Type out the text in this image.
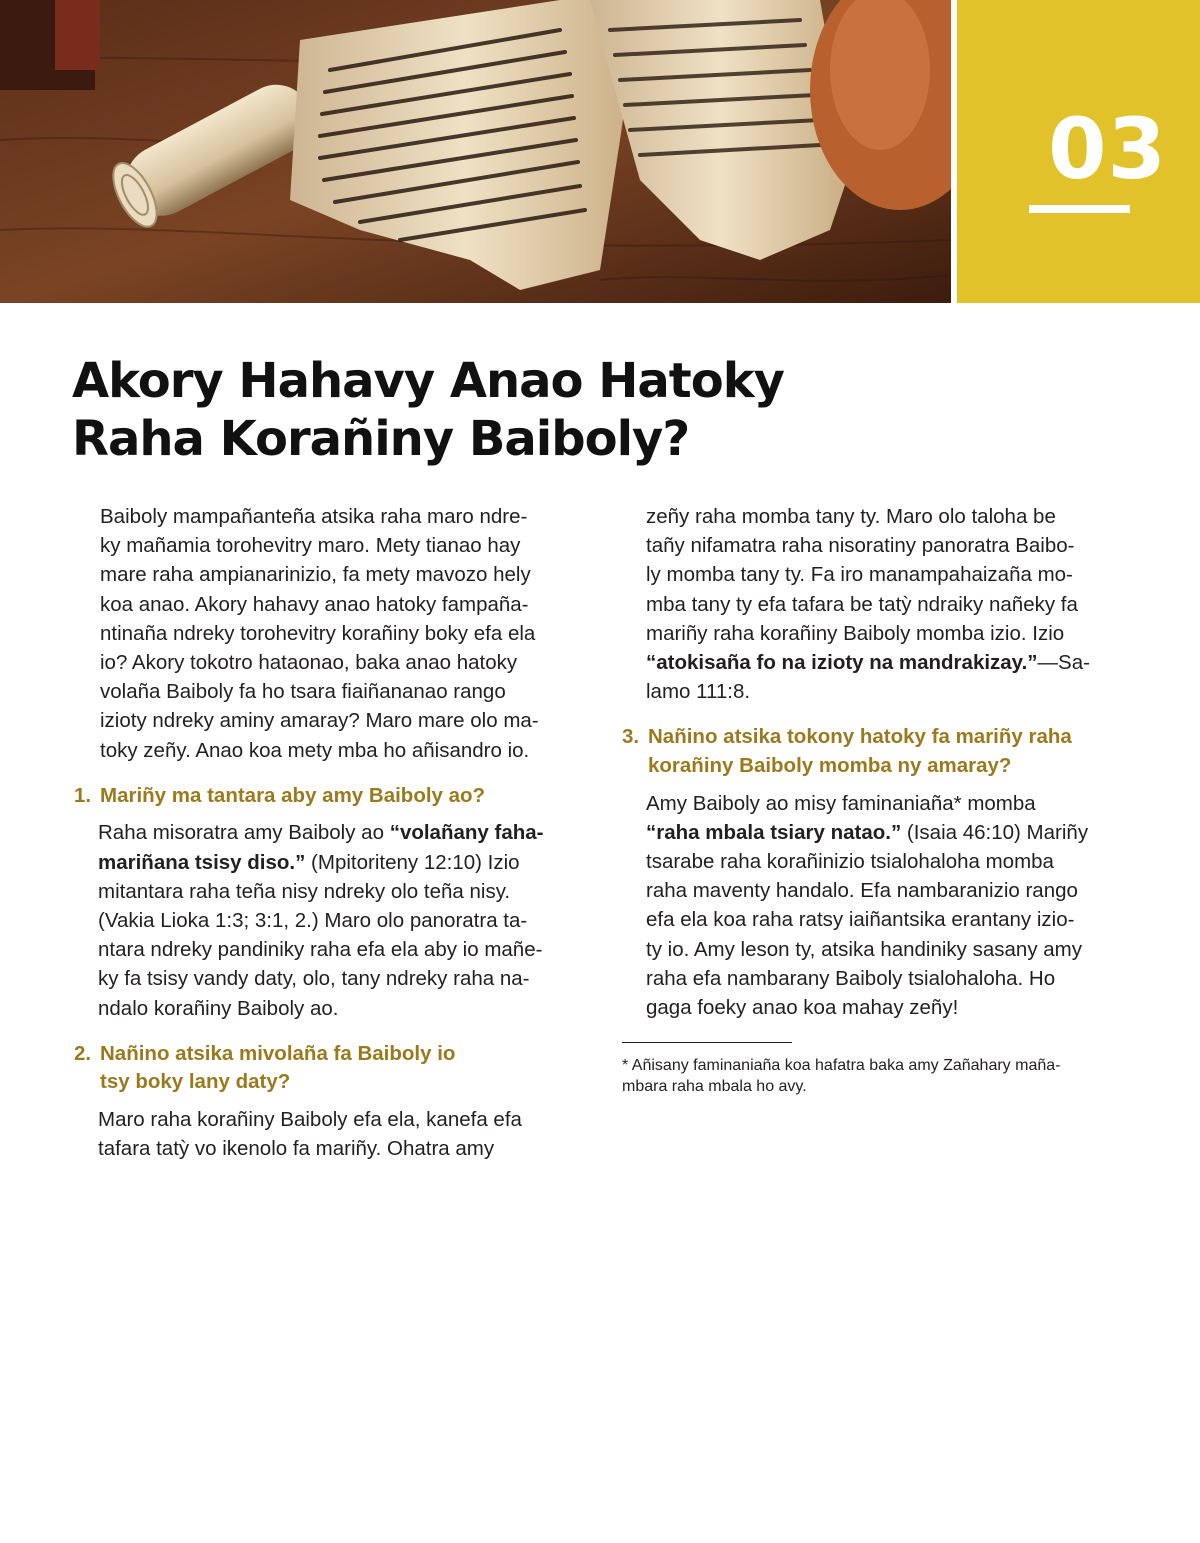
03
Akory Hahavy Anao Hatoky
Raha Korañiny Baiboly?

Baiboly mampañanteña atsika raha maro ndre-
ky mañamia torohevitry maro. Mety tianao hay
mare raha ampianarinizio, fa mety mavozo hely
koa anao. Akory hahavy anao hatoky fampaña-
ntinaña ndreky torohevitry korañiny boky efa ela
io? Akory tokotro hataonao, baka anao hatoky
volaña Baiboly fa ho tsara fiaiñananao rango
izioty ndreky aminy amaray? Maro mare olo ma-
toky zeñy. Anao koa mety mba ho añisandro io.

1. Mariñy ma tantara aby amy Baiboly ao?

Raha misoratra amy Baiboly ao “volañany faha-
mariñana tsisy diso.” (Mpitoriteny 12:10) Izio
mitantara raha teña nisy ndreky olo teña nisy.
(Vakia Lioka 1:3; 3:1, 2.) Maro olo panoratra ta-
ntara ndreky pandiniky raha efa ela aby io mañe-
ky fa tsisy vandy daty, olo, tany ndreky raha na-
ndalo korañiny Baiboly ao.

2. Nañino atsika mivolaña fa Baiboly io
tsy boky lany daty?

Maro raha korañiny Baiboly efa ela, kanefa efa
tafara tatỳ vo ikenolo fa mariñy. Ohatra amy

zeñy raha momba tany ty. Maro olo taloha be
tañy nifamatra raha nisoratiny panoratra Baibo-
ly momba tany ty. Fa iro manampahaizaña mo-
mba tany ty efa tafara be tatỳ ndraiky nañeky fa
mariñy raha korañiny Baiboly momba izio. Izio
“atokisaña fo na izioty na mandrakizay.”—Sa-
lamo 111:8.

3. Nañino atsika tokony hatoky fa mariñy raha
korañiny Baiboly momba ny amaray?

Amy Baiboly ao misy faminaniaña* momba
“raha mbala tsiary natao.” (Isaia 46:10) Mariñy
tsarabe raha korañinizio tsialohaloha momba
raha maventy handalo. Efa nambaranizio rango
efa ela koa raha ratsy iaiñantsika erantany izio-
ty io. Amy leson ty, atsika handiniky sasany amy
raha efa nambarany Baiboly tsialohaloha. Ho
gaga foeky anao koa mahay zeñy!

* Añisany faminaniaña koa hafatra baka amy Zañahary maña-
mbara raha mbala ho avy.
